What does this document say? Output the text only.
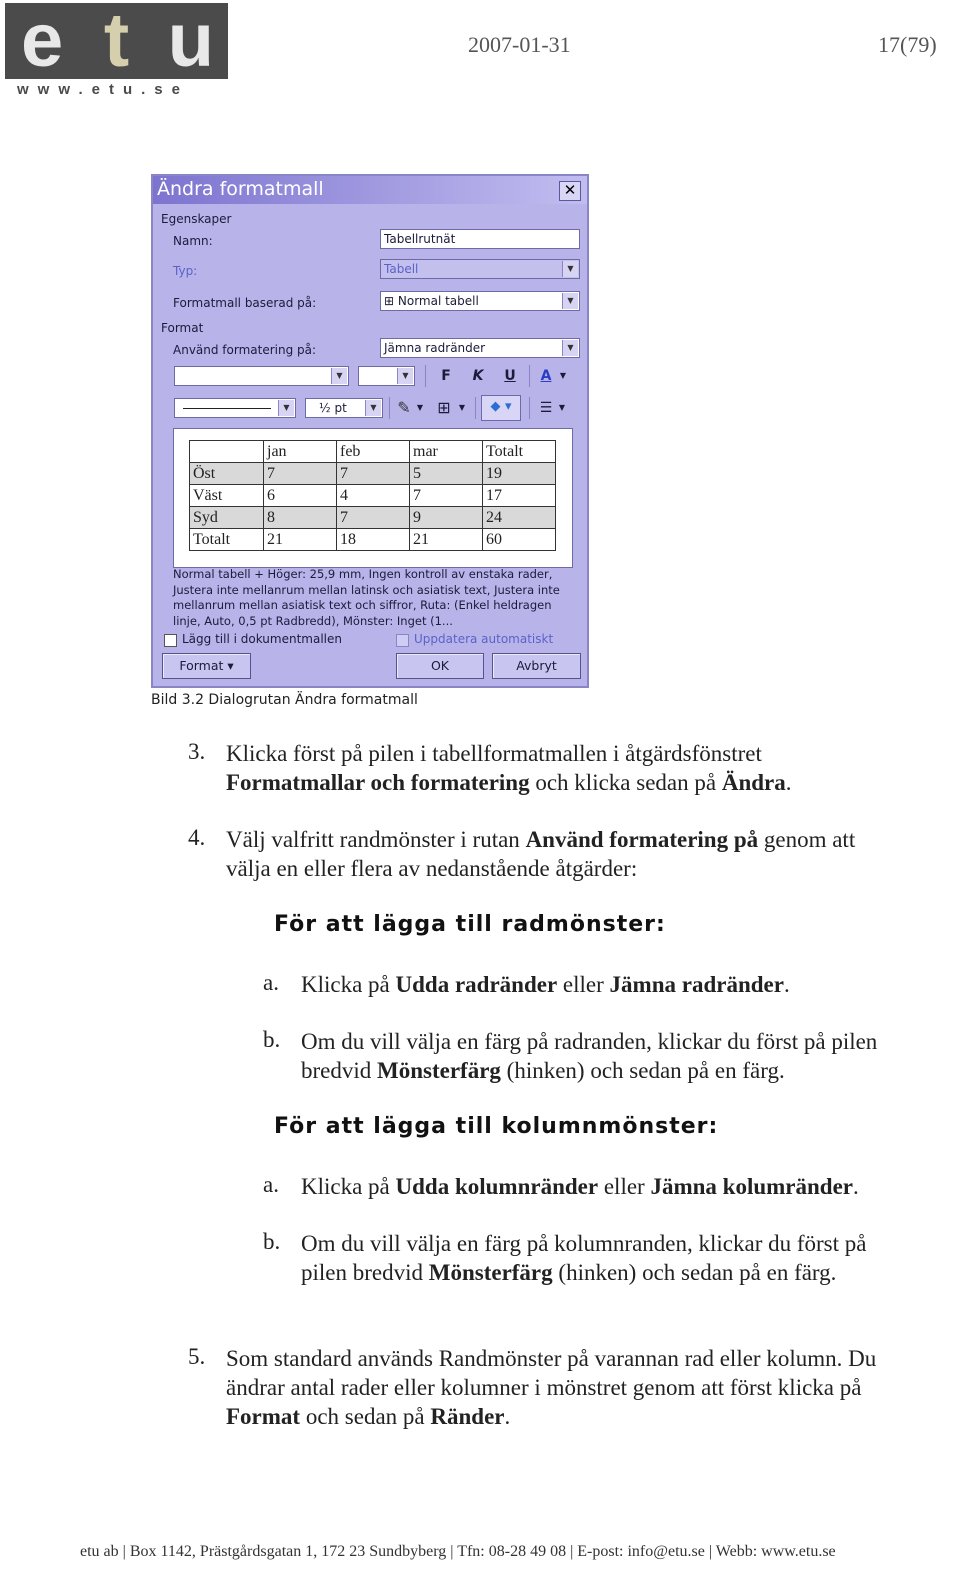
e t u
www.etu.se
2007-01-31	17(79)
Ändra formatmall	✕
Egenskaper
Namn:	Tabellrutnät
Typ:	Tabell	▼
Formatmall baserad på:	⊞ Normal tabell	▼
Format
Använd formatering på:	Jämna radränder	▼
▼	▼	F	K	U	A	▼
▼	½ pt	▼ ✎ ▼ ⊞	▼	◆ ▾	☰ ▼
	jan	feb	mar	Totalt
Öst	7	7	5	19
Väst	6	4	7	17
Syd	8	7	9	24
Totalt	21	18	21	60
Normal tabell + Höger: 25,9 mm, Ingen kontroll av enstaka rader, Justera inte mellanrum mellan latinsk och asiatisk text, Justera inte mellanrum mellan asiatisk text och siffror, Ruta: (Enkel heldragen linje, Auto, 0,5 pt Radbredd), Mönster: Inget (1...
Lägg till i dokumentmallen	Uppdatera automatiskt
Format ▾	OK	Avbryt
Bild 3.2 Dialogrutan Ändra formatmall
3. Klicka först på pilen i tabellformatmallen i åtgärdsfönstret
Formatmallar och formatering och klicka sedan på Ändra.
4. Välj valfritt randmönster i rutan Använd formatering på genom att
välja en eller flera av nedanstående åtgärder:
För att lägga till radmönster:
a. Klicka på Udda radränder eller Jämna radränder.
b. Om du vill välja en färg på radranden, klickar du först på pilen
bredvid Mönsterfärg (hinken) och sedan på en färg.
För att lägga till kolumnmönster:
a. Klicka på Udda kolumnränder eller Jämna kolumränder.
b. Om du vill välja en färg på kolumnranden, klickar du först på
pilen bredvid Mönsterfärg (hinken) och sedan på en färg.
5. Som standard används Randmönster på varannan rad eller kolumn. Du
ändrar antal rader eller kolumner i mönstret genom att först klicka på
Format och sedan på Ränder.
etu ab | Box 1142, Prästgårdsgatan 1, 172 23 Sundbyberg | Tfn: 08-28 49 08 | E-post: info@etu.se | Webb: www.etu.se
